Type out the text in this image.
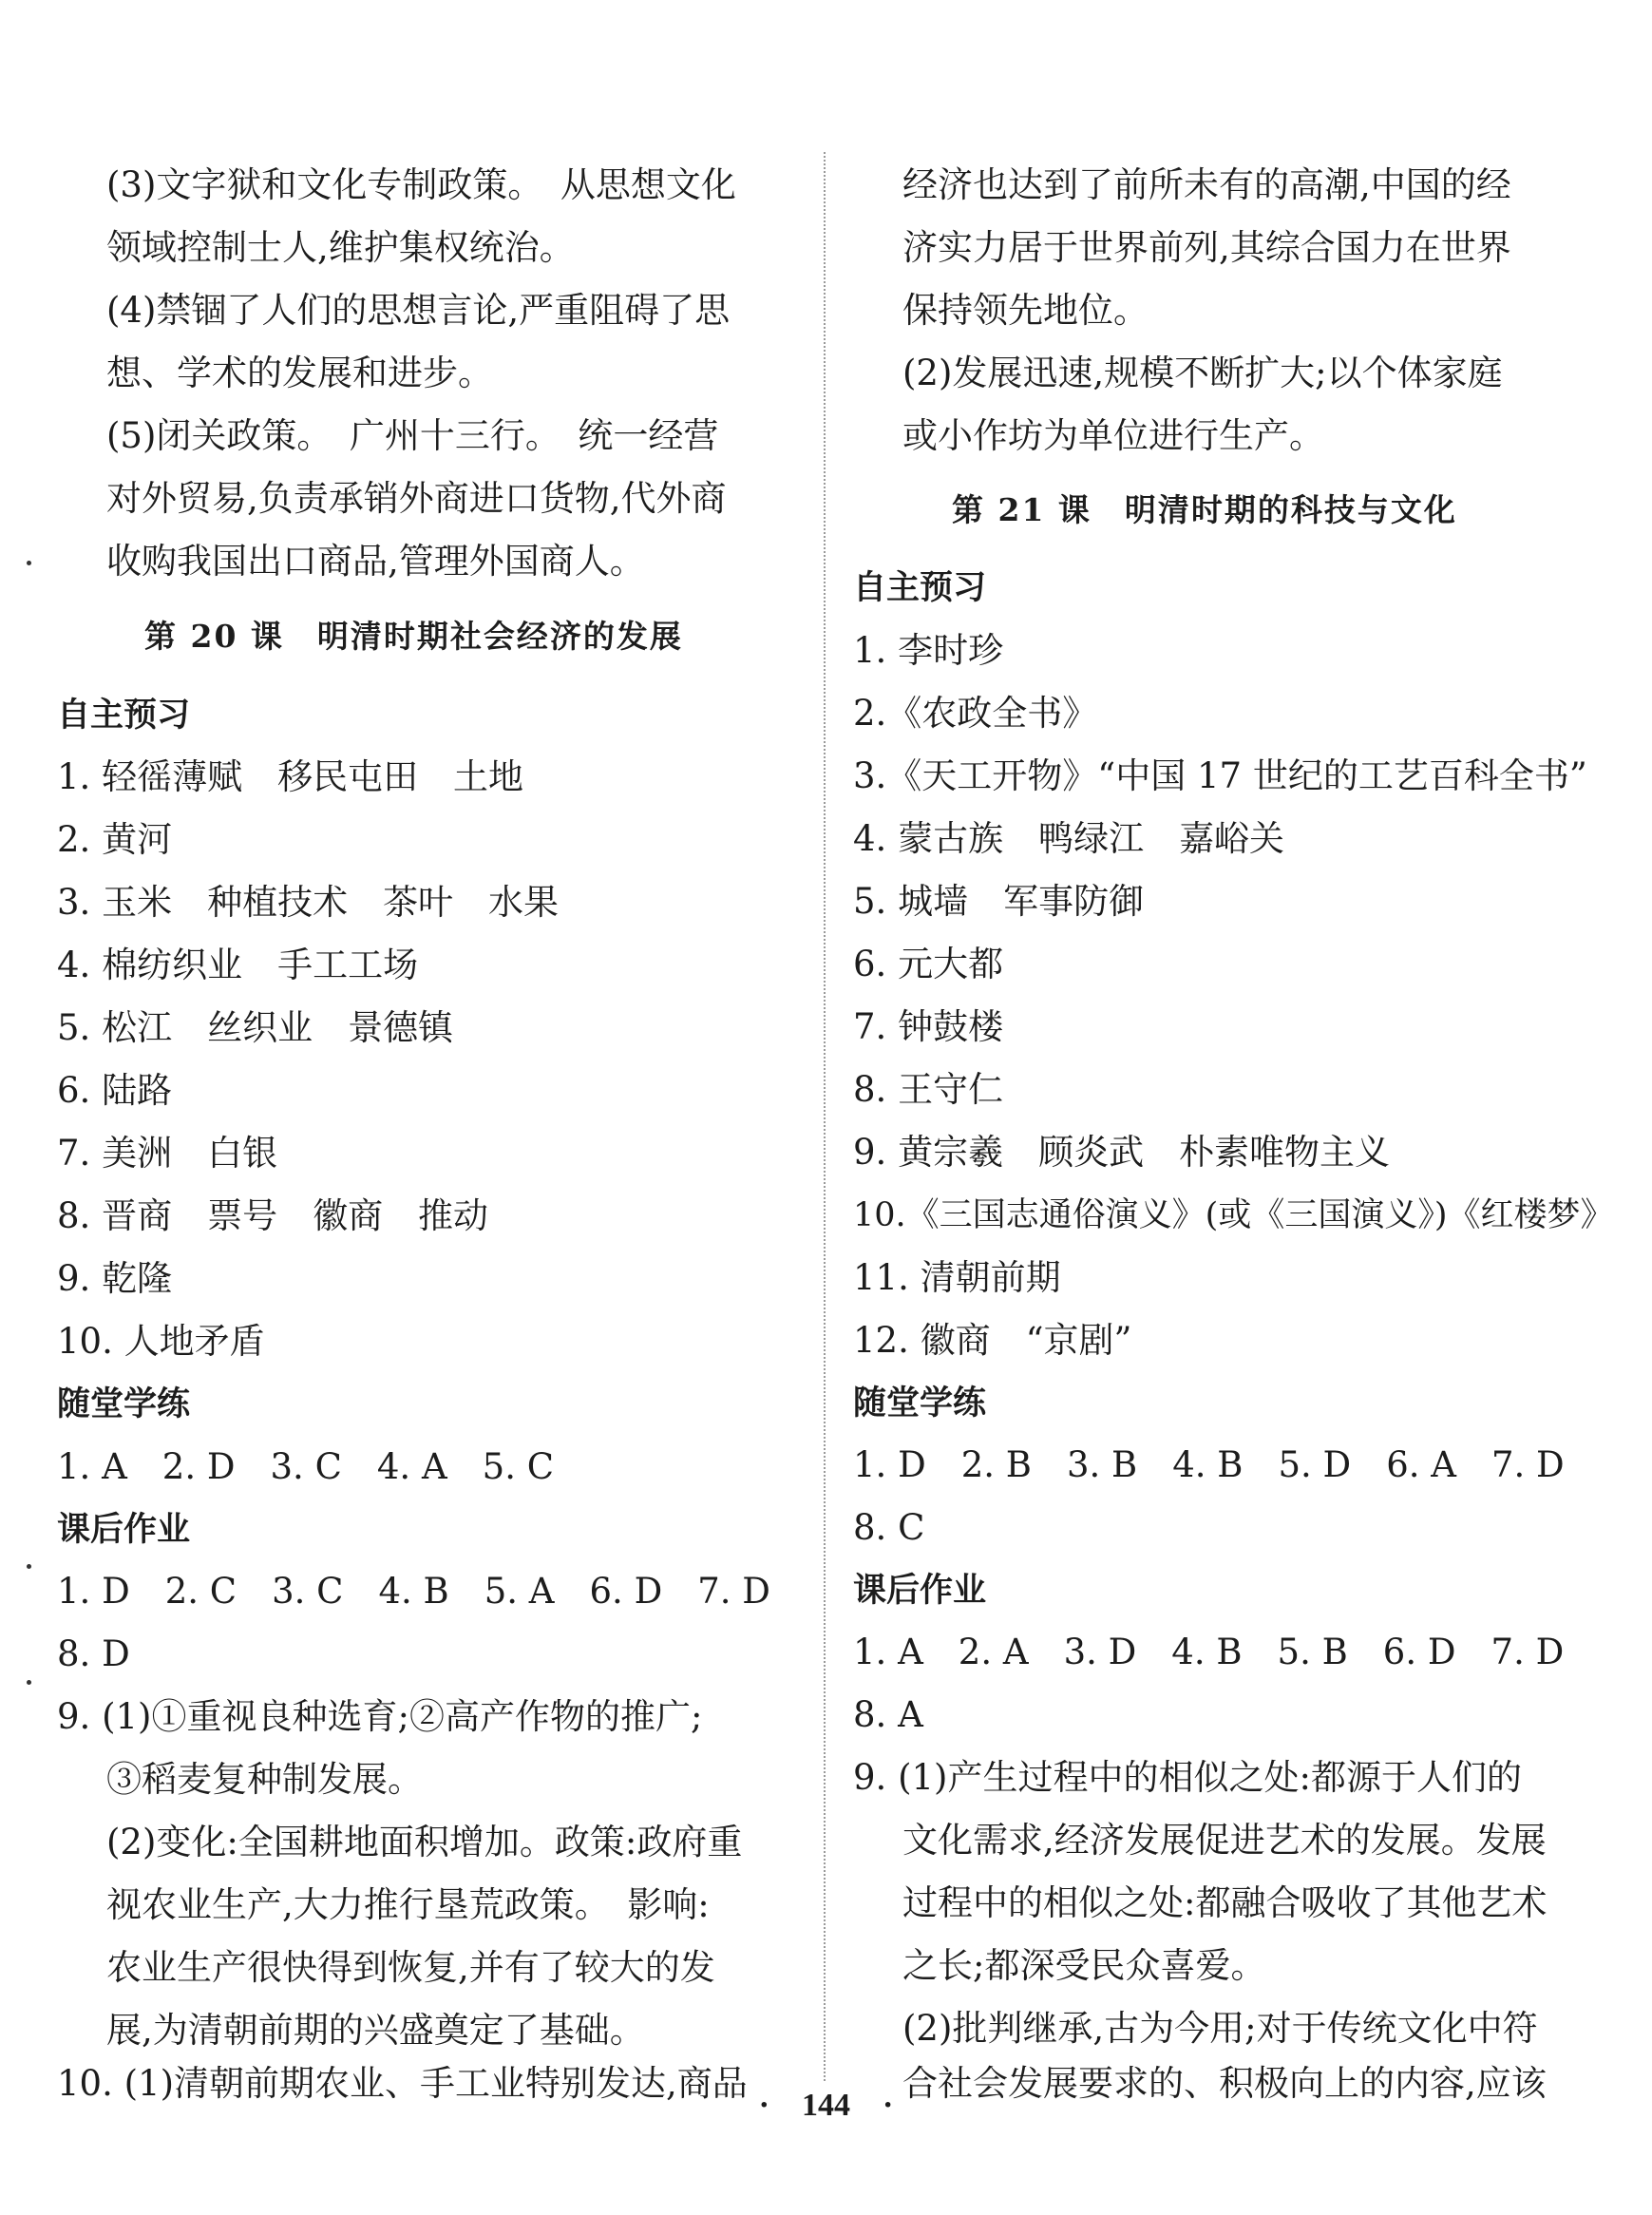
(3)文字狱和文化专制政策。　从思想文化
领域控制士人,维护集权统治。
(4)禁锢了人们的思想言论,严重阻碍了思
想、学术的发展和进步。
(5)闭关政策。　广州十三行。　统一经营
对外贸易,负责承销外商进口货物,代外商
收购我国出口商品,管理外国商人。
第 20 课　明清时期社会经济的发展
自主预习
1. 轻徭薄赋　移民屯田　土地
2. 黄河
3. 玉米　种植技术　茶叶　水果
4. 棉纺织业　手工工场
5. 松江　丝织业　景德镇
6. 陆路
7. 美洲　白银
8. 晋商　票号　徽商　推动
9. 乾隆
10. 人地矛盾
随堂学练
1. A　2. D　3. C　4. A　5. C
课后作业
1. D　2. C　3. C　4. B　5. A　6. D　7. D
8. D
9. (1)①重视良种选育;②高产作物的推广;
③稻麦复种制发展。
(2)变化:全国耕地面积增加。政策:政府重
视农业生产,大力推行垦荒政策。　影响:
农业生产很快得到恢复,并有了较大的发
展,为清朝前期的兴盛奠定了基础。
10. (1)清朝前期农业、手工业特别发达,商品
经济也达到了前所未有的高潮,中国的经
济实力居于世界前列,其综合国力在世界
保持领先地位。
(2)发展迅速,规模不断扩大;以个体家庭
或小作坊为单位进行生产。
第 21 课　明清时期的科技与文化
自主预习
1. 李时珍
2.《农政全书》
3.《天工开物》“中国 17 世纪的工艺百科全书”
4. 蒙古族　鸭绿江　嘉峪关
5. 城墙　军事防御
6. 元大都
7. 钟鼓楼
8. 王守仁
9. 黄宗羲　顾炎武　朴素唯物主义
10.《三国志通俗演义》(或《三国演义》)《红楼梦》
11. 清朝前期
12. 徽商　“京剧”
随堂学练
1. D　2. B　3. B　4. B　5. D　6. A　7. D
8. C
课后作业
1. A　2. A　3. D　4. B　5. B　6. D　7. D
8. A
9. (1)产生过程中的相似之处:都源于人们的
文化需求,经济发展促进艺术的发展。发展
过程中的相似之处:都融合吸收了其他艺术
之长;都深受民众喜爱。
(2)批判继承,古为今用;对于传统文化中符
合社会发展要求的、积极向上的内容,应该
·　144　·
